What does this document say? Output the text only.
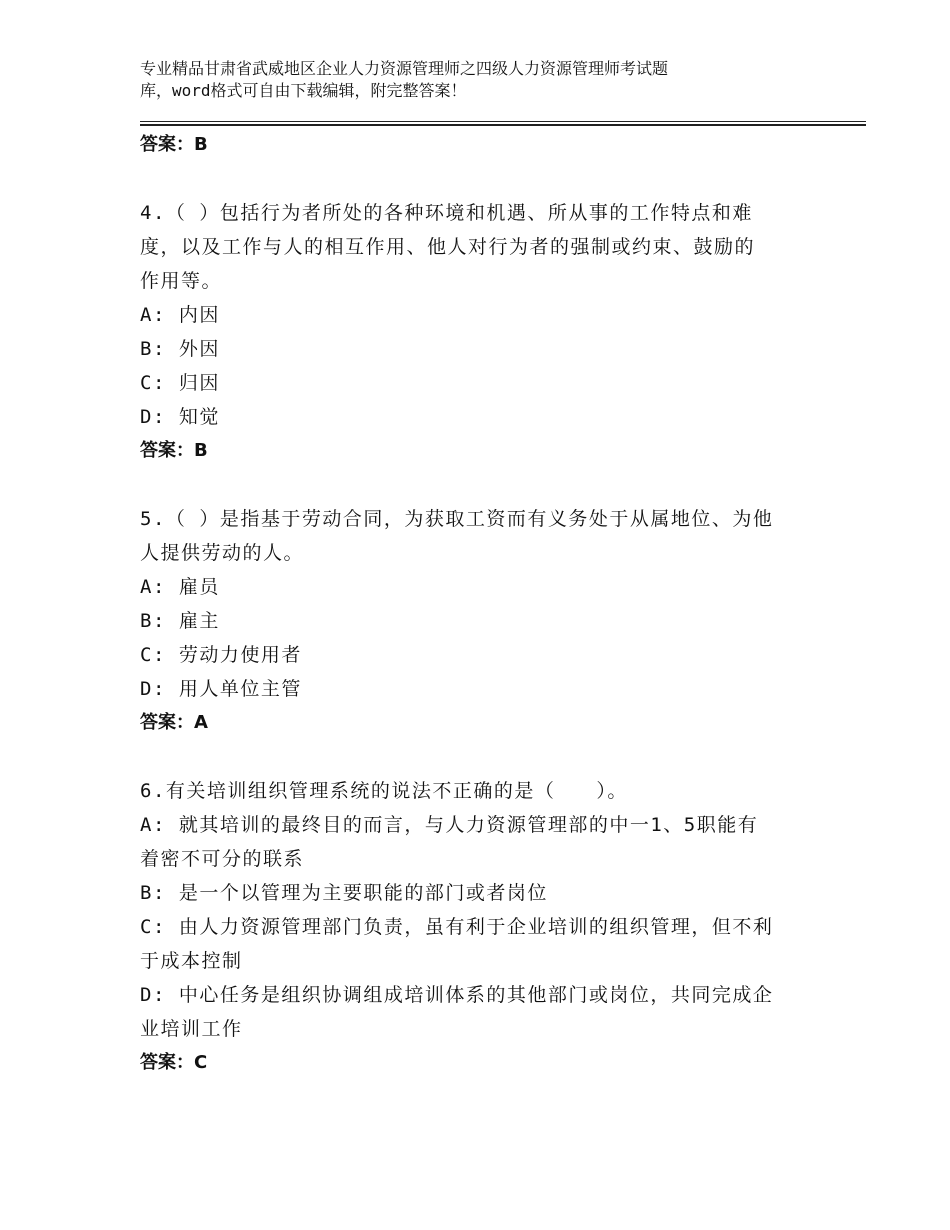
专业精品甘肃省武威地区企业人力资源管理师之四级人力资源管理师考试题
库，word格式可自由下载编辑，附完整答案！
答案：B
4.（ ）包括行为者所处的各种环境和机遇、所从事的工作特点和难
度，以及工作与人的相互作用、他人对行为者的强制或约束、鼓励的
作用等。
A: 内因
B: 外因
C: 归因
D: 知觉
答案：B
5.（ ）是指基于劳动合同，为获取工资而有义务处于从属地位、为他
人提供劳动的人。
A: 雇员
B: 雇主
C: 劳动力使用者
D: 用人单位主管
答案：A
6.有关培训组织管理系统的说法不正确的是（　　）。
A: 就其培训的最终目的而言，与人力资源管理部的中一1、5职能有
着密不可分的联系
B: 是一个以管理为主要职能的部门或者岗位
C: 由人力资源管理部门负责，虽有利于企业培训的组织管理，但不利
于成本控制
D: 中心任务是组织协调组成培训体系的其他部门或岗位，共同完成企
业培训工作
答案：C
